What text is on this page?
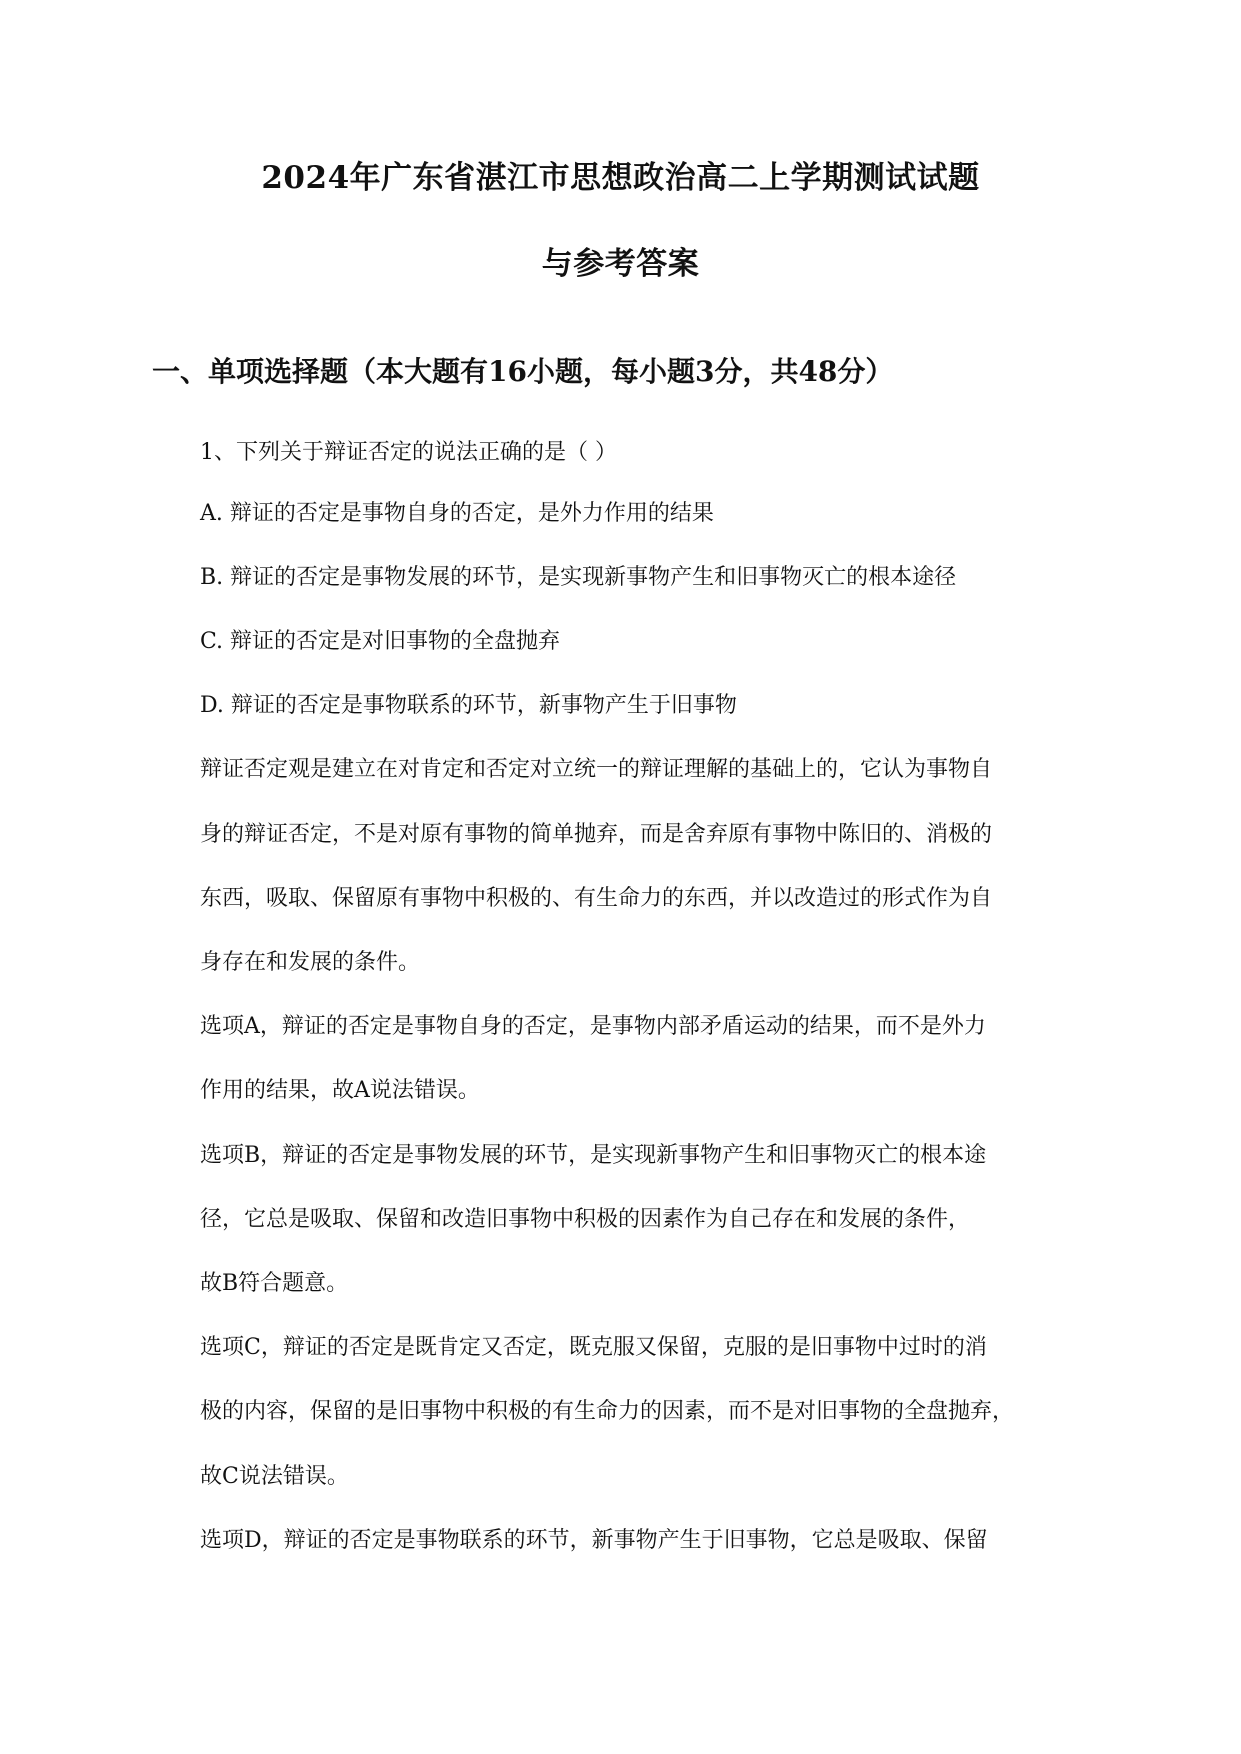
2024年广东省湛江市思想政治高二上学期测试试题
与参考答案
一、单项选择题（本大题有16小题，每小题3分，共48分）
1、下列关于辩证否定的说法正确的是（ ）
A. 辩证的否定是事物自身的否定，是外力作用的结果
B. 辩证的否定是事物发展的环节，是实现新事物产生和旧事物灭亡的根本途径
C. 辩证的否定是对旧事物的全盘抛弃
D. 辩证的否定是事物联系的环节，新事物产生于旧事物
辩证否定观是建立在对肯定和否定对立统一的辩证理解的基础上的，它认为事物自
身的辩证否定，不是对原有事物的简单抛弃，而是舍弃原有事物中陈旧的、消极的
东西，吸取、保留原有事物中积极的、有生命力的东西，并以改造过的形式作为自
身存在和发展的条件。
选项A，辩证的否定是事物自身的否定，是事物内部矛盾运动的结果，而不是外力
作用的结果，故A说法错误。
选项B，辩证的否定是事物发展的环节，是实现新事物产生和旧事物灭亡的根本途
径，它总是吸取、保留和改造旧事物中积极的因素作为自己存在和发展的条件，
故B符合题意。
选项C，辩证的否定是既肯定又否定，既克服又保留，克服的是旧事物中过时的消
极的内容，保留的是旧事物中积极的有生命力的因素，而不是对旧事物的全盘抛弃，
故C说法错误。
选项D，辩证的否定是事物联系的环节，新事物产生于旧事物，它总是吸取、保留
